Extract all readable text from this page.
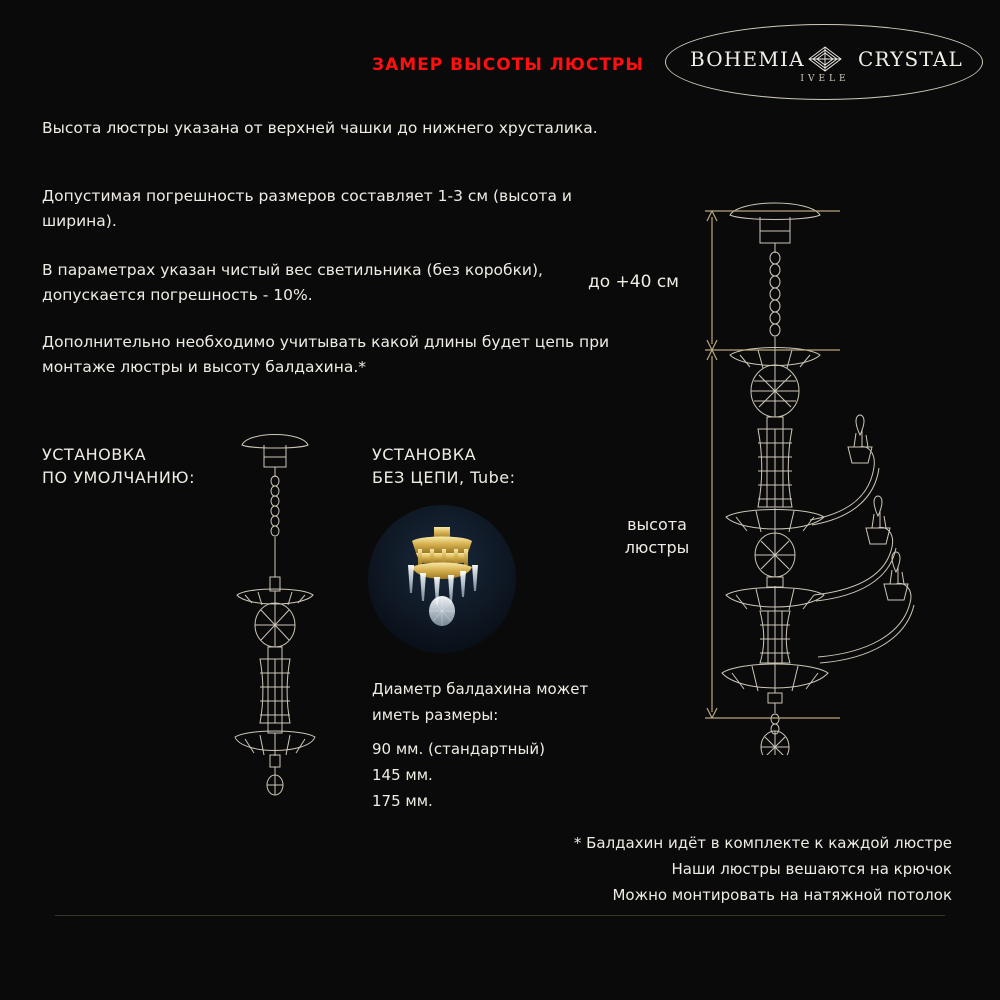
ЗАМЕР ВЫСОТЫ ЛЮСТРЫ BOHEMIA	CRYSTAL
IVELE
Высота люстры указана от верхней чашки до нижнего хрусталика.
Допустимая погрешность размеров составляет 1-3 см (высота и ширина).
В параметрах указан чистый вес светильника (без коробки), допускается погрешность - 10%.
Дополнительно необходимо учитывать какой длины будет цепь при монтаже люстры и высоту балдахина.*
УСТАНОВКА
ПО УМОЛЧАНИЮ:
УСТАНОВКА
БЕЗ ЦЕПИ, Tube:
Диаметр балдахина может
иметь размеры:
90 мм. (стандартный)
145 мм.
175 мм.
до +40 см
высота
люстры
* Балдахин идёт в комплекте к каждой люстре
Наши люстры вешаются на крючок
Можно монтировать на натяжной потолок
